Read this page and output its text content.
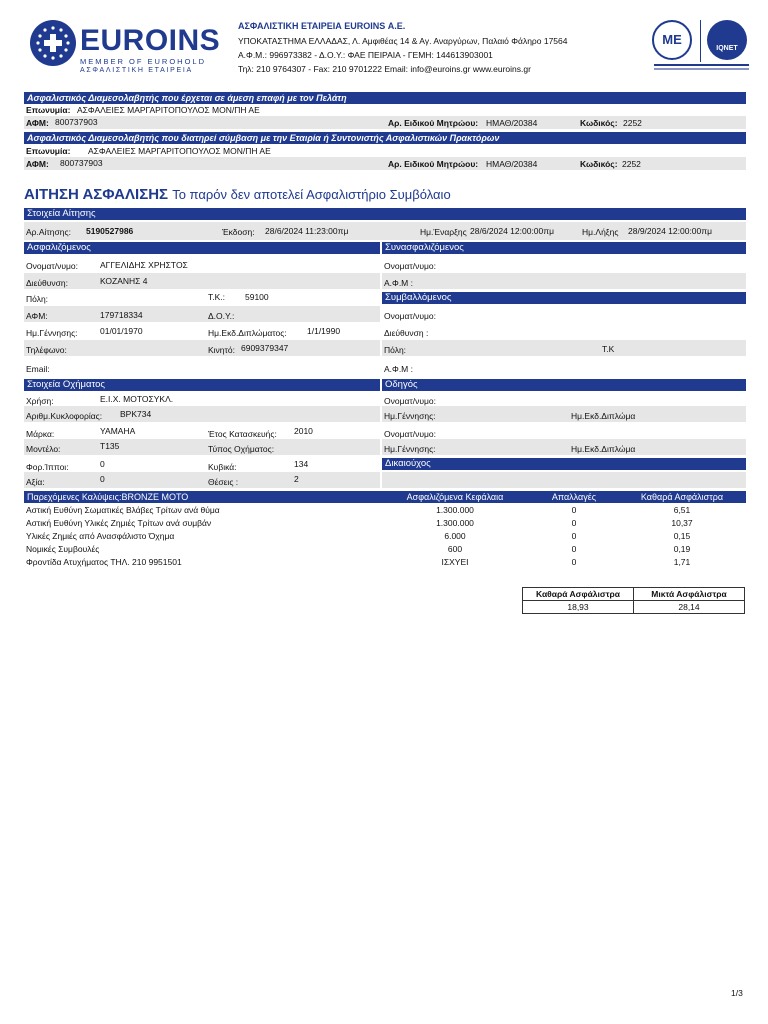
EUROINS
MEMBER OF EUROHOLD
ΑΣΦΑΛΙΣΤΙΚΗ ΕΤΑΙΡΕΙΑ
ΑΣΦΑΛΙΣΤΙΚΗ ΕΤΑΙΡΕΙΑ EUROINS Α.Ε.
ΥΠΟΚΑΤΑΣΤΗΜΑ ΕΛΛΑΔΑΣ, Λ. Αμφιθέας 14 & Αγ. Αναργύρων, Παλαιό Φάληρο 17564
Α.Φ.Μ.: 996973382 - Δ.Ο.Υ.: ΦΑΕ ΠΕΙΡΑΙΑ - ΓΕΜΗ: 144613903001
Τηλ: 210 9764307 - Fax: 210 9701222 Email: info@euroins.gr www.euroins.gr
ME
IQNET
Ασφαλιστικός Διαμεσολαβητής που έρχεται σε άμεση επαφή με τον Πελάτη
Επωνυμία: ΑΣΦΑΛΕΙΕΣ ΜΑΡΓΑΡΙΤΟΠΟΥΛΟΣ ΜΟΝ/ΠΗ ΑΕ
ΑΦΜ: 800737903	Αρ. Ειδικού Μητρώου: ΗΜΑΘ/20384	Κωδικός: 2252
Ασφαλιστικός Διαμεσολαβητής που διατηρεί σύμβαση με την Εταιρία ή Συντονιστής Ασφαλιστικών Πρακτόρων
Επωνυμία: ΑΣΦΑΛΕΙΕΣ ΜΑΡΓΑΡΙΤΟΠΟΥΛΟΣ ΜΟΝ/ΠΗ ΑΕ
ΑΦΜ: 800737903	Αρ. Ειδικού Μητρώου: ΗΜΑΘ/20384	Κωδικός: 2252
ΑΙΤΗΣΗ ΑΣΦΑΛΙΣΗΣ Το παρόν δεν αποτελεί Ασφαλιστήριο Συμβόλαιο
Στοιχεία Αίτησης
Αρ.Αίτησης: 5190527986	Έκδοση: 28/6/2024 11:23:00πμ	Ημ.Έναρξης 28/6/2024 12:00:00πμ	Ημ.Λήξης 28/9/2024 12:00:00πμ
Ασφαλιζόμενος
Ονοματ/νυμο:	ΑΓΓΕΛΙΔΗΣ ΧΡΗΣΤΟΣ
Διεύθυνση:	ΚΟΖΑΝΗΣ 4
Πόλη:	Τ.Κ.: 59100
ΑΦΜ:	179718334	Δ.Ο.Υ.:
Ημ.Γέννησης:	01/01/1970	Ημ.Εκδ.Διπλώματος: 1/1/1990
Τηλέφωνο:	Κινητό: 6909379347
Email:
Συνασφαλιζόμενος
Ονοματ/νυμο:
Α.Φ.Μ :
Συμβαλλόμενος
Ονοματ/νυμο:
Διεύθυνση :
Πόλη:	Τ.Κ
Α.Φ.Μ :
Στοιχεία Οχήματος
Χρήση:	Ε.Ι.Χ. ΜΟΤΟΣΥΚΛ.
Αριθμ.Κυκλοφορίας: ΒΡΚ734
Μάρκα:	YAMAHA	Έτος Κατασκευής: 2010
Μοντέλο:	T135	Τύπος Οχήματος:
Φορ.Ίπποι:	0	Κυβικά:	134
Αξία:	0	Θέσεις :	2
Οδηγός
Ονοματ/νυμο:
Ημ.Γέννησης:	Ημ.Εκδ.Διπλώμα
Ονοματ/νυμο:
Ημ.Γέννησης:	Ημ.Εκδ.Διπλώμα
Δικαιούχος
Παρεχόμενες Καλύψεις:BRONZE MOTO	Ασφαλιζόμενα Κεφάλαια	Απαλλαγές	Καθαρά Ασφάλιστρα
Αστική Ευθύνη Σωματικές Βλάβες Τρίτων ανά θύμα	1.300.000	0	6,51
Αστική Ευθύνη Υλικές Ζημιές Τρίτων ανά συμβάν	1.300.000	0	10,37
Υλικές Ζημιές από Ανασφάλιστο Όχημα	6.000	0	0,15
Νομικές Συμβουλές	600	0	0,19
Φροντίδα Ατυχήματος ΤΗΛ. 210 9951501	ΙΣΧΥΕΙ	0	1,71
Καθαρά Ασφάλιστρα	Μικτά Ασφάλιστρα
18,93	28,14
1/3
